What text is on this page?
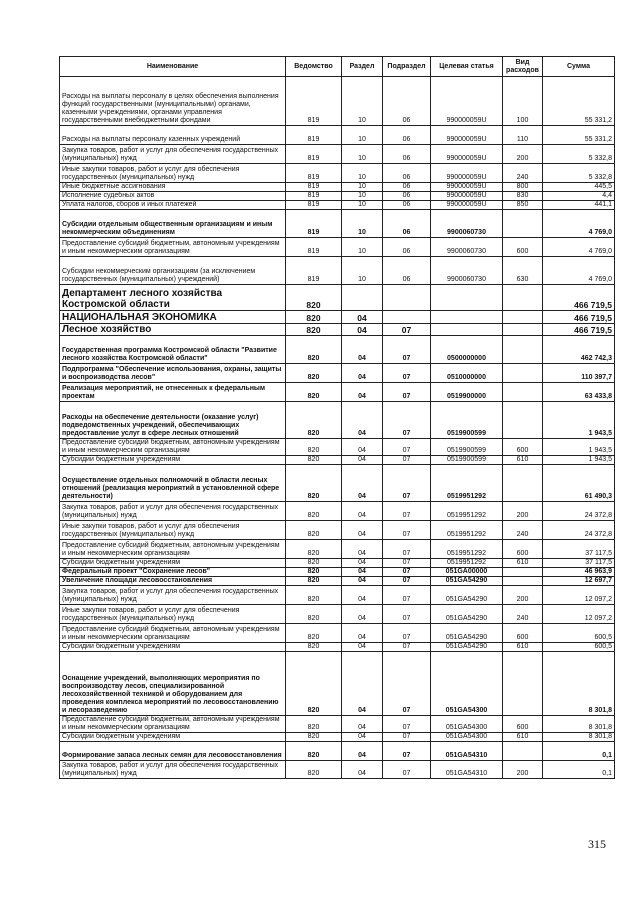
Наименование	Ведомство	Раздел	Подраздел	Целевая статья	Вид расходов	Сумма
Расходы на выплаты персоналу в целях обеспечения выполнения функций государственными (муниципальными) органами, казенными учреждениями, органами управления государственными внебюджетными фондами	819	10	06	990000059U	100	55 331,2
Расходы на выплаты персоналу казенных учреждений	819	10	06	990000059U	110	55 331,2
Закупка товаров, работ и услуг для обеспечения государственных (муниципальных) нужд	819	10	06	990000059U	200	5 332,8
Иные закупки товаров, работ и услуг для обеспечения государственных (муниципальных) нужд	819	10	06	990000059U	240	5 332,8
Иные бюджетные ассигнования	819	10	06	990000059U	800	445,5
Исполнение судебных актов	819	10	06	990000059U	830	4,4
Уплата налогов, сборов и иных платежей	819	10	06	990000059U	850	441,1
Субсидии отдельным общественным организациям и иным некоммерческим объединениям	819	10	06	9900060730		4 769,0
Предоставление субсидий бюджетным, автономным учреждениям и иным некоммерческим организациям	819	10	06	9900060730	600	4 769,0
Субсидии некоммерческим организациям (за исключением государственных (муниципальных) учреждений)	819	10	06	9900060730	630	4 769,0
Департамент лесного хозяйства Костромской области	820					466 719,5
НАЦИОНАЛЬНАЯ ЭКОНОМИКА	820	04				466 719,5
Лесное хозяйство	820	04	07			466 719,5
Государственная программа Костромской области "Развитие лесного хозяйства Костромской области"	820	04	07	0500000000		462 742,3
Подпрограмма "Обеспечение использования, охраны, защиты и воспроизводства лесов"	820	04	07	0510000000		110 397,7
Реализация мероприятий, не отнесенных к федеральным проектам	820	04	07	0519900000		63 433,8
Расходы на обеспечение деятельности (оказание услуг) подведомственных учреждений, обеспечивающих предоставление услуг в сфере лесных отношений	820	04	07	0519900599		1 943,5
Предоставление субсидий бюджетным, автономным учреждениям и иным некоммерческим организациям	820	04	07	0519900599	600	1 943,5
Субсидии бюджетным учреждениям	820	04	07	0519900599	610	1 943,5
Осуществление отдельных полномочий в области лесных отношений (реализация мероприятий в установленной сфере деятельности)	820	04	07	0519951292		61 490,3
Закупка товаров, работ и услуг для обеспечения государственных (муниципальных) нужд	820	04	07	0519951292	200	24 372,8
Иные закупки товаров, работ и услуг для обеспечения государственных (муниципальных) нужд	820	04	07	0519951292	240	24 372,8
Предоставление субсидий бюджетным, автономным учреждениям и иным некоммерческим организациям	820	04	07	0519951292	600	37 117,5
Субсидии бюджетным учреждениям	820	04	07	0519951292	610	37 117,5
Федеральный проект "Сохранение лесов"	820	04	07	051GA00000		46 963,9
Увеличение площади лесовосстановления	820	04	07	051GA54290		12 697,7
Закупка товаров, работ и услуг для обеспечения государственных (муниципальных) нужд	820	04	07	051GA54290	200	12 097,2
Иные закупки товаров, работ и услуг для обеспечения государственных (муниципальных) нужд	820	04	07	051GA54290	240	12 097,2
Предоставление субсидий бюджетным, автономным учреждениям и иным некоммерческим организациям	820	04	07	051GA54290	600	600,5
Субсидии бюджетным учреждениям	820	04	07	051GA54290	610	600,5
Оснащение учреждений, выполняющих мероприятия по воспроизводству лесов, специализированной лесохозяйственной техникой и оборудованием для проведения комплекса мероприятий по лесовосстановлению и лесоразведению	820	04	07	051GA54300		8 301,8
Предоставление субсидий бюджетным, автономным учреждениям и иным некоммерческим организациям	820	04	07	051GA54300	600	8 301,8
Субсидии бюджетным учреждениям	820	04	07	051GA54300	610	8 301,8
Формирование запаса лесных семян для лесовосстановления	820	04	07	051GA54310		0,1
Закупка товаров, работ и услуг для обеспечения государственных (муниципальных) нужд	820	04	07	051GA54310	200	0,1
315
